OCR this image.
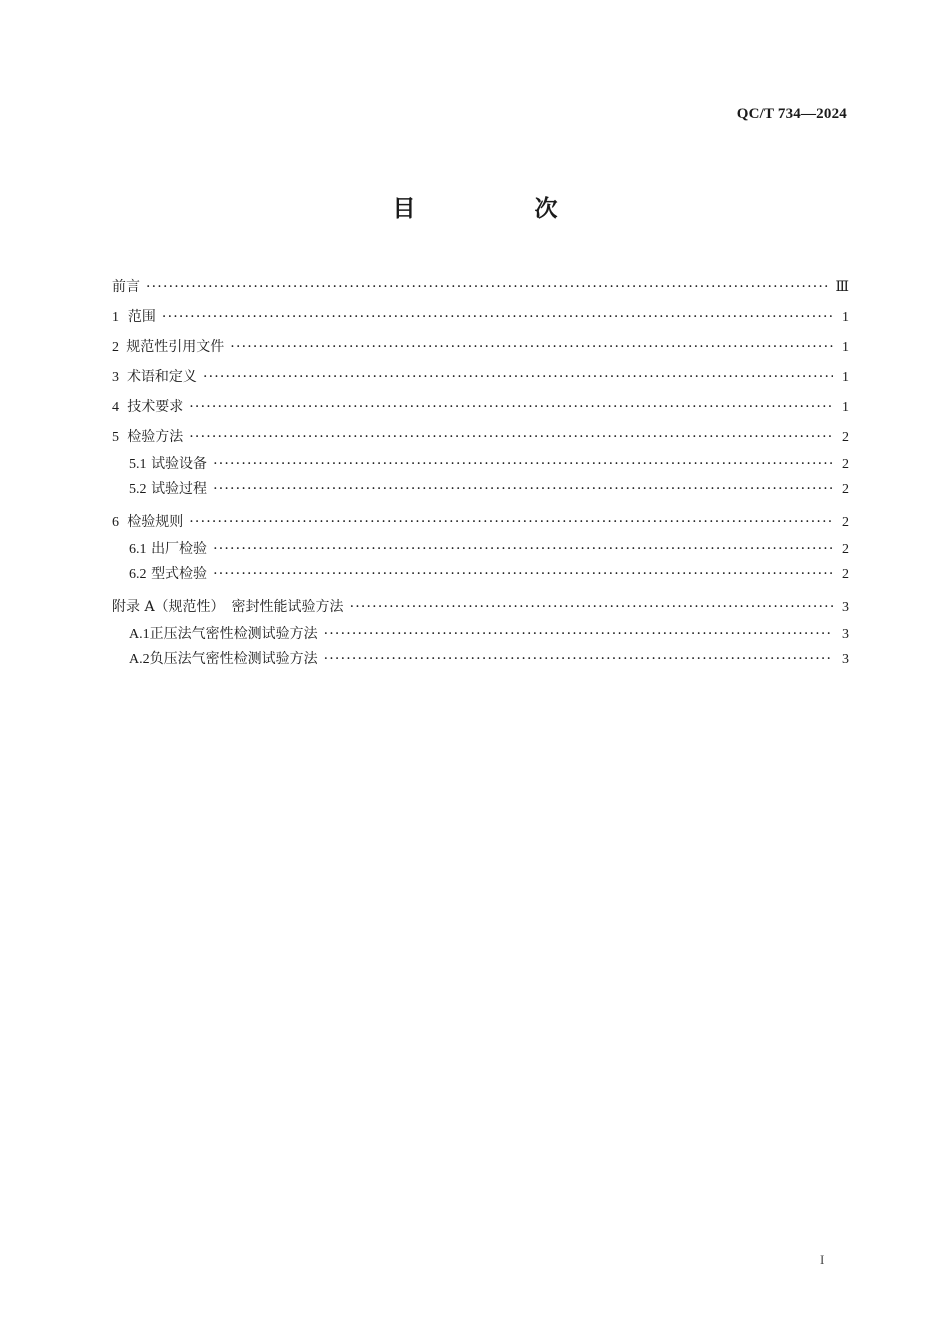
QC/T 734—2024
目　次
前言 ·····	Ⅲ
1 范围 ·····	1
2 规范性引用文件 ·····	1
3 术语和定义 ·····	1
4 技术要求 ·····	1
5 检验方法 ·····	2
5.1 试验设备 ·····	2
5.2 试验过程 ·····	2
6 检验规则 ·····	2
6.1 出厂检验 ·····	2
6.2 型式检验 ·····	2
附录 A（规范性）　密封性能试验方法 ·····	3
A.1 正压法气密性检测试验方法 ·····	3
A.2 负压法气密性检测试验方法 ·····	3
I
